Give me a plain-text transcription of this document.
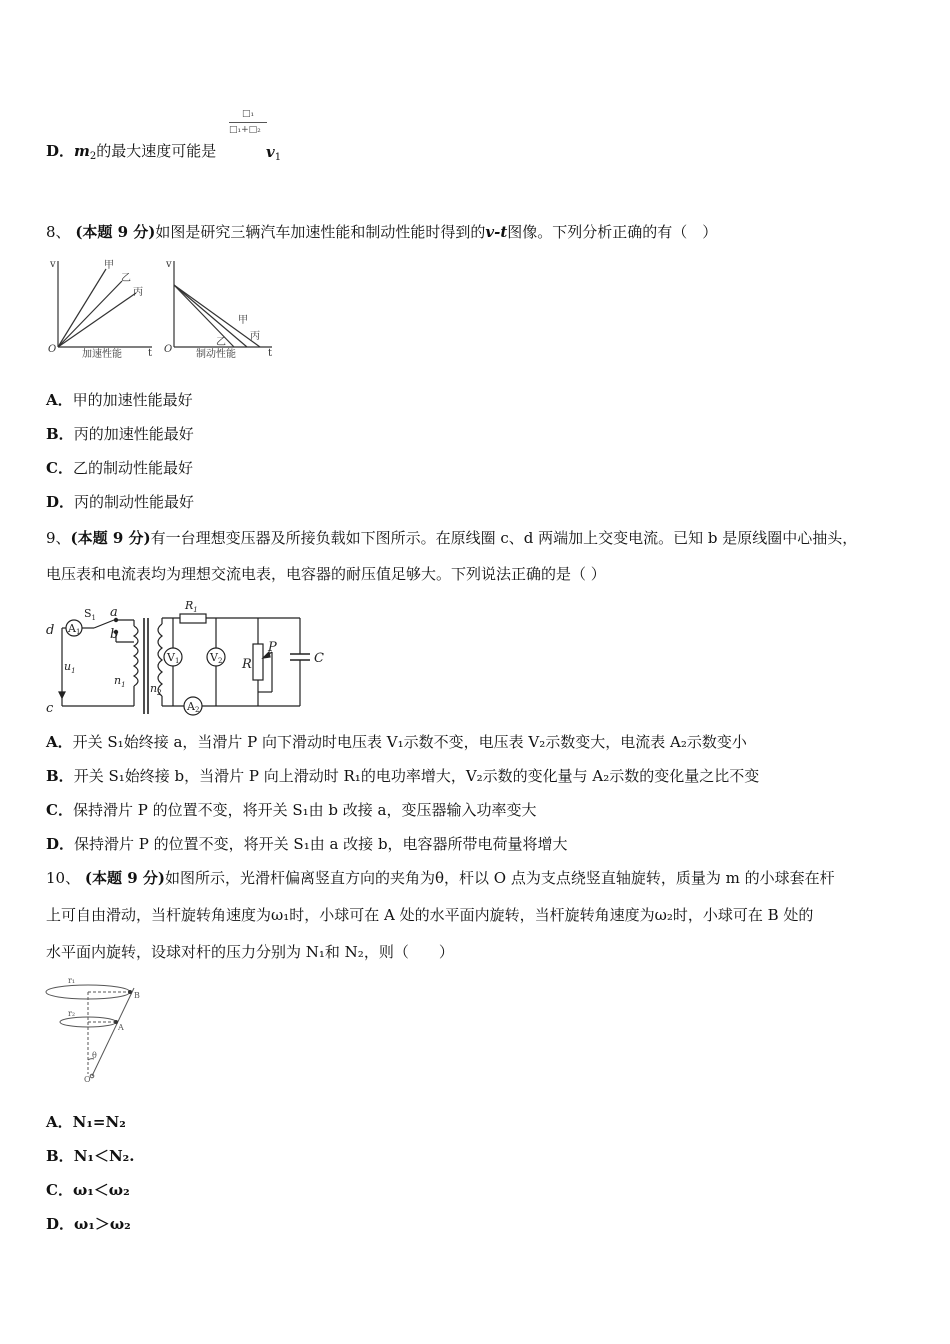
D．$m_2$的最大速度可能是
□₁
□₁+□₂
$v_1$
8、 (本题 9 分)如图是研究三辆汽车加速性能和制动性能时得到的v-t图像。下列分析正确的有（　）
v
t
O
甲
乙
丙
加速性能
v
t
O
甲
乙
丙
制动性能
A．甲的加速性能最好
B．丙的加速性能最好
C．乙的制动性能最好
D．丙的制动性能最好
9、(本题 9 分)有一台理想变压器及所接负载如下图所示。在原线圈 c、d 两端加上交变电流。已知 b 是原线圈中心抽头，
电压表和电流表均为理想交流电表，电容器的耐压值足够大。下列说法正确的是（ ）
d
c
a
b
R
P
C
$S_1$
A1
A2
V1	V2
$R_1$
$u_1$
$n_1$ $n_2$
A．开关 S₁始终接 a，当滑片 P 向下滑动时电压表 V₁示数不变，电压表 V₂示数变大，电流表 A₂示数变小
B．开关 S₁始终接 b，当滑片 P 向上滑动时 R₁的电功率增大，V₂示数的变化量与 A₂示数的变化量之比不变
C．保持滑片 P 的位置不变，将开关 S₁由 b 改接 a，变压器输入功率变大
D．保持滑片 P 的位置不变，将开关 S₁由 a 改接 b，电容器所带电荷量将增大
10、 (本题 9 分)如图所示，光滑杆偏离竖直方向的夹角为θ，杆以 O 点为支点绕竖直轴旋转，质量为 m 的小球套在杆
上可自由滑动，当杆旋转角速度为ω₁时，小球可在 A 处的水平面内旋转，当杆旋转角速度为ω₂时，小球可在 B 处的
水平面内旋转，设球对杆的压力分别为 N₁和 N₂，则（　　）
r₁
r₂
B
A
θ
O
A．N₁=N₂
B．N₁＜N₂.
C．ω₁＜ω₂
D．ω₁＞ω₂
